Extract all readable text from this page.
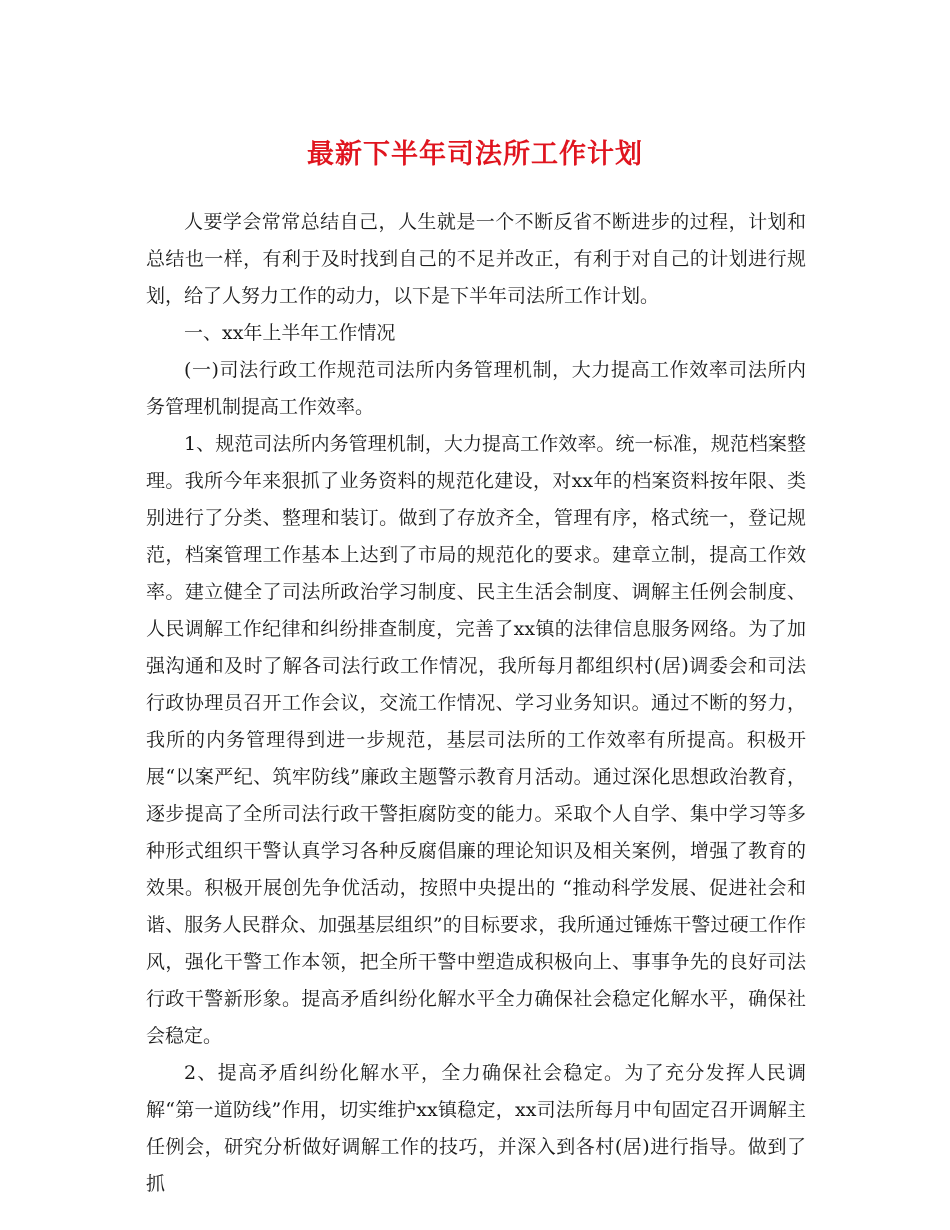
最新下半年司法所工作计划

人要学会常常总结自己，人生就是一个不断反省不断进步的过程，计划和总结也一样，有利于及时找到自己的不足并改正，有利于对自己的计划进行规划，给了人努力工作的动力，以下是下半年司法所工作计划。

一、xx年上半年工作情况

(一)司法行政工作规范司法所内务管理机制，大力提高工作效率司法所内务管理机制提高工作效率。

1、规范司法所内务管理机制，大力提高工作效率。统一标准，规范档案整理。我所今年来狠抓了业务资料的规范化建设，对xx年的档案资料按年限、类别进行了分类、整理和装订。做到了存放齐全，管理有序，格式统一，登记规范，档案管理工作基本上达到了市局的规范化的要求。建章立制，提高工作效率。建立健全了司法所政治学习制度、民主生活会制度、调解主任例会制度、人民调解工作纪律和纠纷排查制度，完善了xx镇的法律信息服务网络。为了加强沟通和及时了解各司法行政工作情况，我所每月都组织村(居)调委会和司法行政协理员召开工作会议，交流工作情况、学习业务知识。通过不断的努力，我所的内务管理得到进一步规范，基层司法所的工作效率有所提高。积极开展“以案严纪、筑牢防线”廉政主题警示教育月活动。通过深化思想政治教育，逐步提高了全所司法行政干警拒腐防变的能力。采取个人自学、集中学习等多种形式组织干警认真学习各种反腐倡廉的理论知识及相关案例，增强了教育的效果。积极开展创先争优活动，按照中央提出的 “推动科学发展、促进社会和谐、服务人民群众、加强基层组织”的目标要求，我所通过锤炼干警过硬工作作风，强化干警工作本领，把全所干警中塑造成积极向上、事事争先的良好司法行政干警新形象。提高矛盾纠纷化解水平全力确保社会稳定化解水平，确保社会稳定。

2、提高矛盾纠纷化解水平，全力确保社会稳定。为了充分发挥人民调解“第一道防线”作用，切实维护xx镇稳定，xx司法所每月中旬固定召开调解主任例会，研究分析做好调解工作的技巧，并深入到各村(居)进行指导。做到了抓
